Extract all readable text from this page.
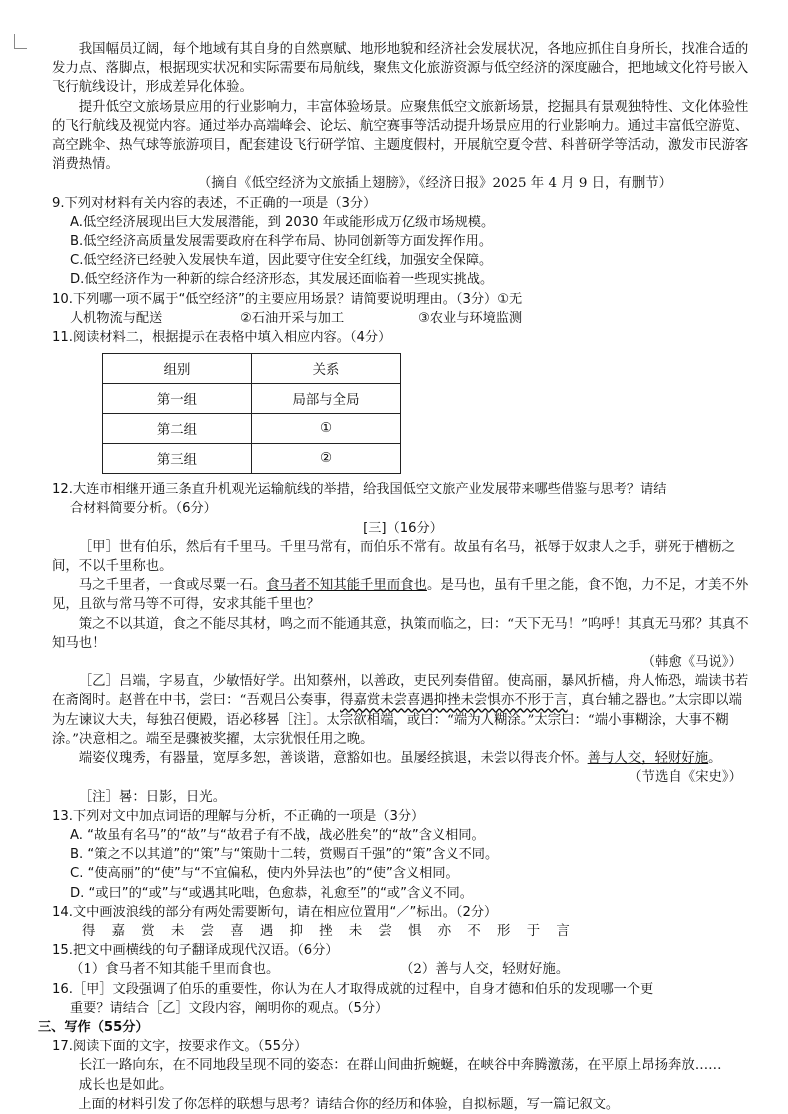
我国幅员辽阔，每个地域有其自身的自然禀赋、地形地貌和经济社会发展状况，各地应抓住自身所长，找准合适的发力点、落脚点，根据现实状况和实际需要布局航线，聚焦文化旅游资源与低空经济的深度融合，把地域文化符号嵌入飞行航线设计，形成差异化体验。

提升低空文旅场景应用的行业影响力，丰富体验场景。应聚焦低空文旅新场景，挖掘具有景观独特性、文化体验性的飞行航线及视觉内容。通过举办高端峰会、论坛、航空赛事等活动提升场景应用的行业影响力。通过丰富低空游览、高空跳伞、热气球等旅游项目，配套建设飞行研学馆、主题度假村，开展航空夏令营、科普研学等活动，激发市民游客消费热情。

（摘自《低空经济为文旅插上翅膀》，《经济日报》2025 年 4 月 9 日，有删节）

9.下列对材料有关内容的表述，不正确的一项是（3分）

A.低空经济展现出巨大发展潜能，到 2030 年或能形成万亿级市场规模。

B.低空经济高质量发展需要政府在科学布局、协同创新等方面发挥作用。

C.低空经济已经驶入发展快车道，因此要守住安全红线，加强安全保障。

D.低空经济作为一种新的综合经济形态，其发展还面临着一些现实挑战。

10.下列哪一项不属于“低空经济”的主要应用场景？请简要说明理由。（3分）①无

人机物流与配送	②石油开采与加工	③农业与环境监测

11.阅读材料二，根据提示在表格中填入相应内容。（4分）

组别	关系
第一组	局部与全局
第二组	①
第三组	②

12.大连市相继开通三条直升机观光运输航线的举措，给我国低空文旅产业发展带来哪些借鉴与思考？请结

合材料简要分析。（6分）

[三]（16分）

［甲］世有伯乐，然后有千里马。千里马常有，而伯乐不常有。故虽有名马，祇辱于奴隶人之手，骈死于槽枥之间，不以千里称也。

马之千里者，一食或尽粟一石。食马者不知其能千里而食也。是马也，虽有千里之能，食不饱，力不足，才美不外见，且欲与常马等不可得，安求其能千里也？

策之不以其道，食之不能尽其材，鸣之而不能通其意，执策而临之，曰：“天下无马！”呜呼！其真无马邪？其真不知马也！

（韩愈《马说》）

［乙］吕端，字易直，少敏悟好学。出知蔡州，以善政，吏民列奏借留。使高丽，暴风折樯，舟人怖恐，端读书若在斋阁时。赵普在中书，尝曰：“吾观吕公奏事，得嘉赏未尝喜遇抑挫未尝惧亦不形于言，真台辅之器也。”太宗即以端为左谏议大夫，每独召便殿，语必移晷［注］。太宗欲相端，或曰：“端为人糊涂。”太宗曰：“端小事糊涂，大事不糊涂。”决意相之。端至是骤被奖擢，太宗犹恨任用之晚。

端姿仪瑰秀，有器量，宽厚多恕，善谈谐，意豁如也。虽屡经摈退，未尝以得丧介怀。善与人交，轻财好施。

（节选自《宋史》）

［注］晷：日影，日光。

13.下列对文中加点词语的理解与分析，不正确的一项是（3分）

A. “故虽有名马”的“故”与“故君子有不战，战必胜矣”的“故”含义相同。

B. “策之不以其道”的“策”与“策勋十二转，赏赐百千强”的“策”含义不同。

C. “使高丽”的“使”与“不宜偏私，使内外异法也”的“使”含义相同。

D. “或曰”的“或”与“或遇其叱咄，色愈恭，礼愈至”的“或”含义不同。

14.文中画波浪线的部分有两处需要断句，请在相应位置用“／”标出。（2分）

得 嘉 赏 未 尝 喜 遇 抑 挫 未 尝 惧 亦 不 形 于 言

15.把文中画横线的句子翻译成现代汉语。（6分）

（1）食马者不知其能千里而食也。	（2）善与人交，轻财好施。

16.［甲］文段强调了伯乐的重要性，你认为在人才取得成就的过程中，自身才德和伯乐的发现哪一个更

重要？请结合［乙］文段内容，阐明你的观点。（5分）

三、写作（55分）

17.阅读下面的文字，按要求作文。（55分）

长江一路向东，在不同地段呈现不同的姿态：在群山间曲折蜿蜒，在峡谷中奔腾激荡，在平原上昂扬奔放……

成长也是如此。

上面的材料引发了你怎样的联想与思考？请结合你的经历和体验，自拟标题，写一篇记叙文。
